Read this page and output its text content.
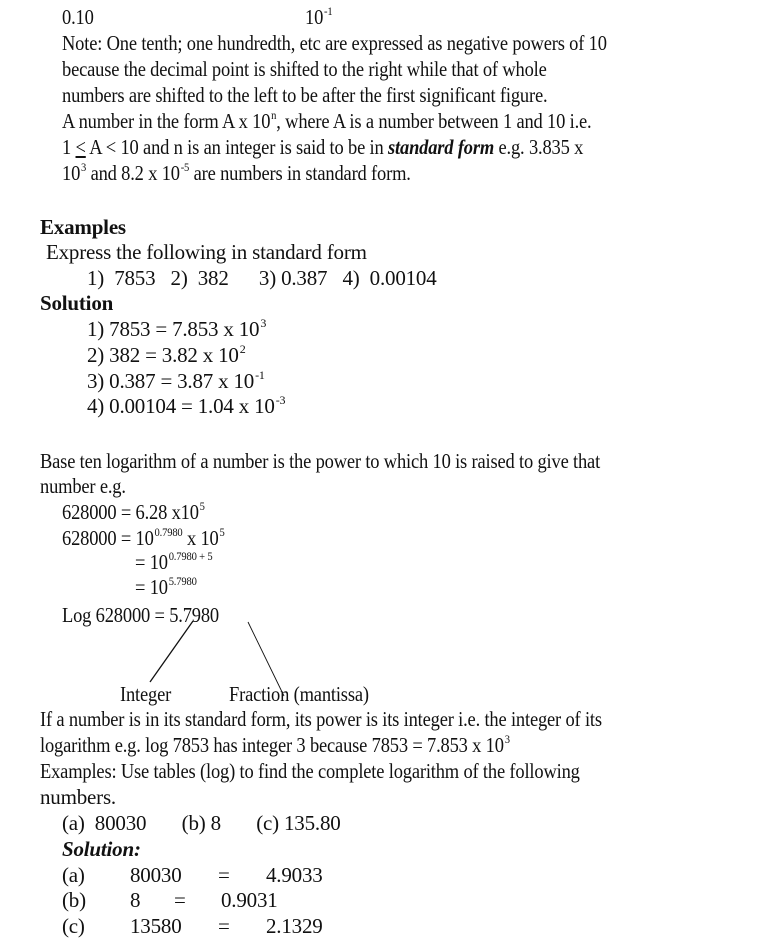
0.10	$10^{-1}$
Note: One tenth; one hundredth, etc are expressed as negative powers of 10
because the decimal point is shifted to the right while that of whole
numbers are shifted to the left to be after the first significant figure.
A number in the form A x 10$^n$, where A is a number between 1 and 10 i.e.
1 ≤ A < 10 and n is an integer is said to be in standard form e.g. 3.835 x
$10^3$ and 8.2 x $10^{-5}$ are numbers in standard form.
Examples
Express the following in standard form
1)  7853   2)  382      3) 0.387   4)  0.00104
Solution
1) 7853 = 7.853 x $10^3$
2) 382 = 3.82 x $10^2$
3) 0.387 = 3.87 x $10^{-1}$
4) 0.00104 = 1.04 x $10^{-3}$
Base ten logarithm of a number is the power to which 10 is raised to give that
number e.g.
628000 = 6.28 $x10^5$
$628000 = 10^{0.7980}$ x $10^5$
= $10^{0.7980 + 5}$
= $10^{5.7980}$
Log 628000 = 5.7980
Integer	Fraction (mantissa)
If a number is in its standard form, its power is its integer i.e. the integer of its
logarithm e.g. log 7853 has integer 3 because 7853 = 7.853 x $10^3$
Examples: Use tables (log) to find the complete logarithm of the following
numbers.
(a)  80030       (b) 8       (c) 135.80
Solution:
(a) 80030 = 4.9033
(b) 8 = 0.9031
(c) 13580 = 2.1329
